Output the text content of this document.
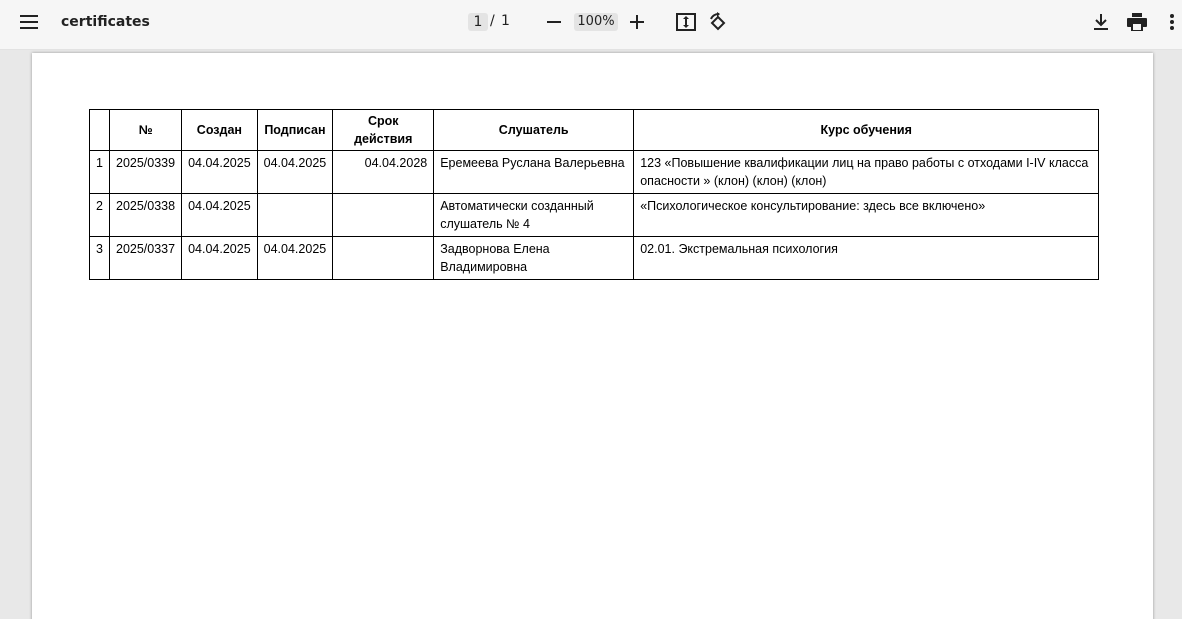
certificates	1 / 1	100%
	№	Создан	Подписан	Срок действия	Слушатель	Курс обучения
1	2025/0339	04.04.2025	04.04.2025	04.04.2028	Еремеева Руслана Валерьевна	123 «Повышение квалификации лиц на право работы с отходами I-IV класса опасности » (клон) (клон) (клон)
2	2025/0338	04.04.2025			Автоматически созданный слушатель № 4	«Психологическое консультирование: здесь все включено»
3	2025/0337	04.04.2025	04.04.2025		Задворнова Елена Владимировна	02.01. Экстремальная психология
